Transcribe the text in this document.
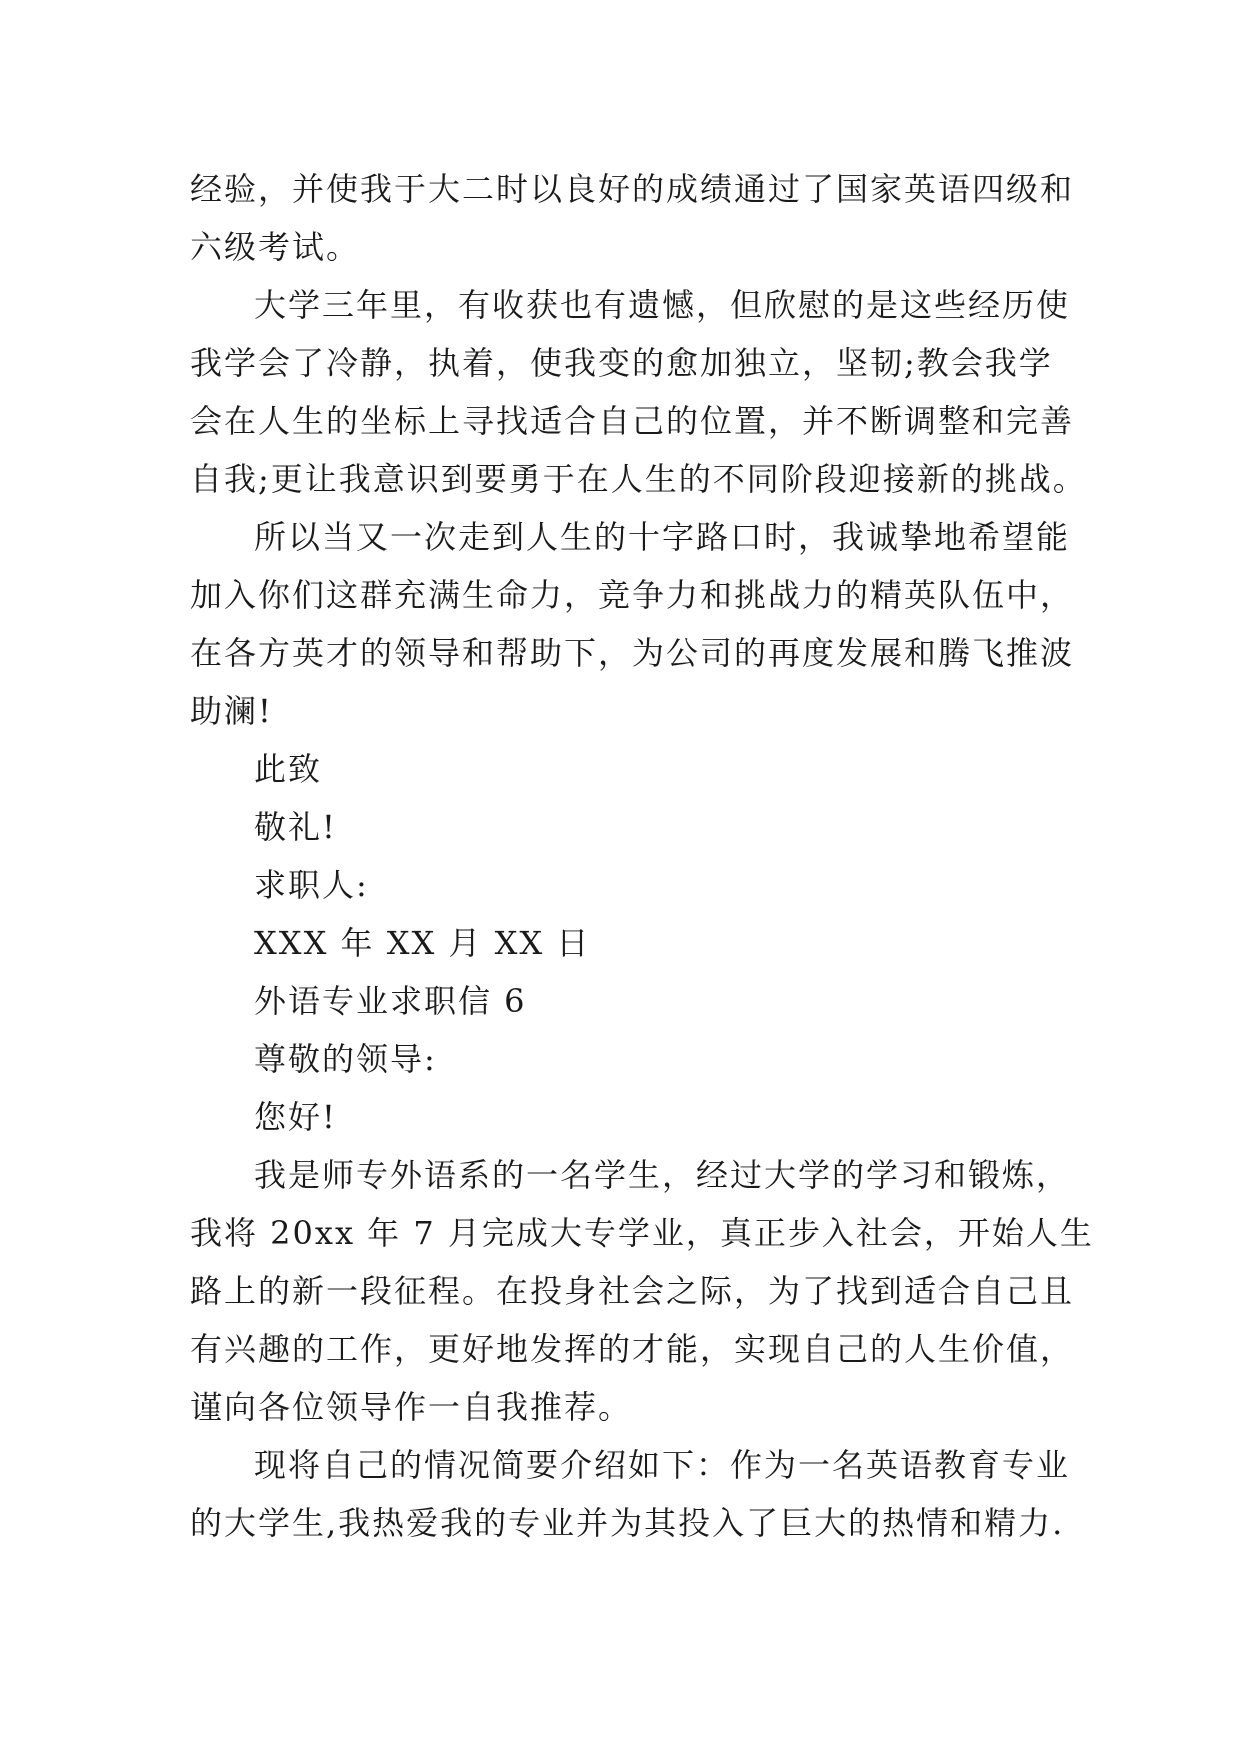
经验，并使我于大二时以良好的成绩通过了国家英语四级和
六级考试。
大学三年里，有收获也有遗憾，但欣慰的是这些经历使
我学会了冷静，执着，使我变的愈加独立，坚韧;教会我学
会在人生的坐标上寻找适合自己的位置，并不断调整和完善
自我;更让我意识到要勇于在人生的不同阶段迎接新的挑战。
所以当又一次走到人生的十字路口时，我诚挚地希望能
加入你们这群充满生命力，竞争力和挑战力的精英队伍中，
在各方英才的领导和帮助下，为公司的再度发展和腾飞推波
助澜!
此致
敬礼!
求职人:
XXX 年 XX 月 XX 日
外语专业求职信 6
尊敬的领导:
您好!
我是师专外语系的一名学生，经过大学的学习和锻炼，
我将 20xx 年 7 月完成大专学业，真正步入社会，开始人生
路上的新一段征程。在投身社会之际，为了找到适合自己且
有兴趣的工作，更好地发挥的才能，实现自己的人生价值，
谨向各位领导作一自我推荐。
现将自己的情况简要介绍如下：作为一名英语教育专业
的大学生,我热爱我的专业并为其投入了巨大的热情和精力.
